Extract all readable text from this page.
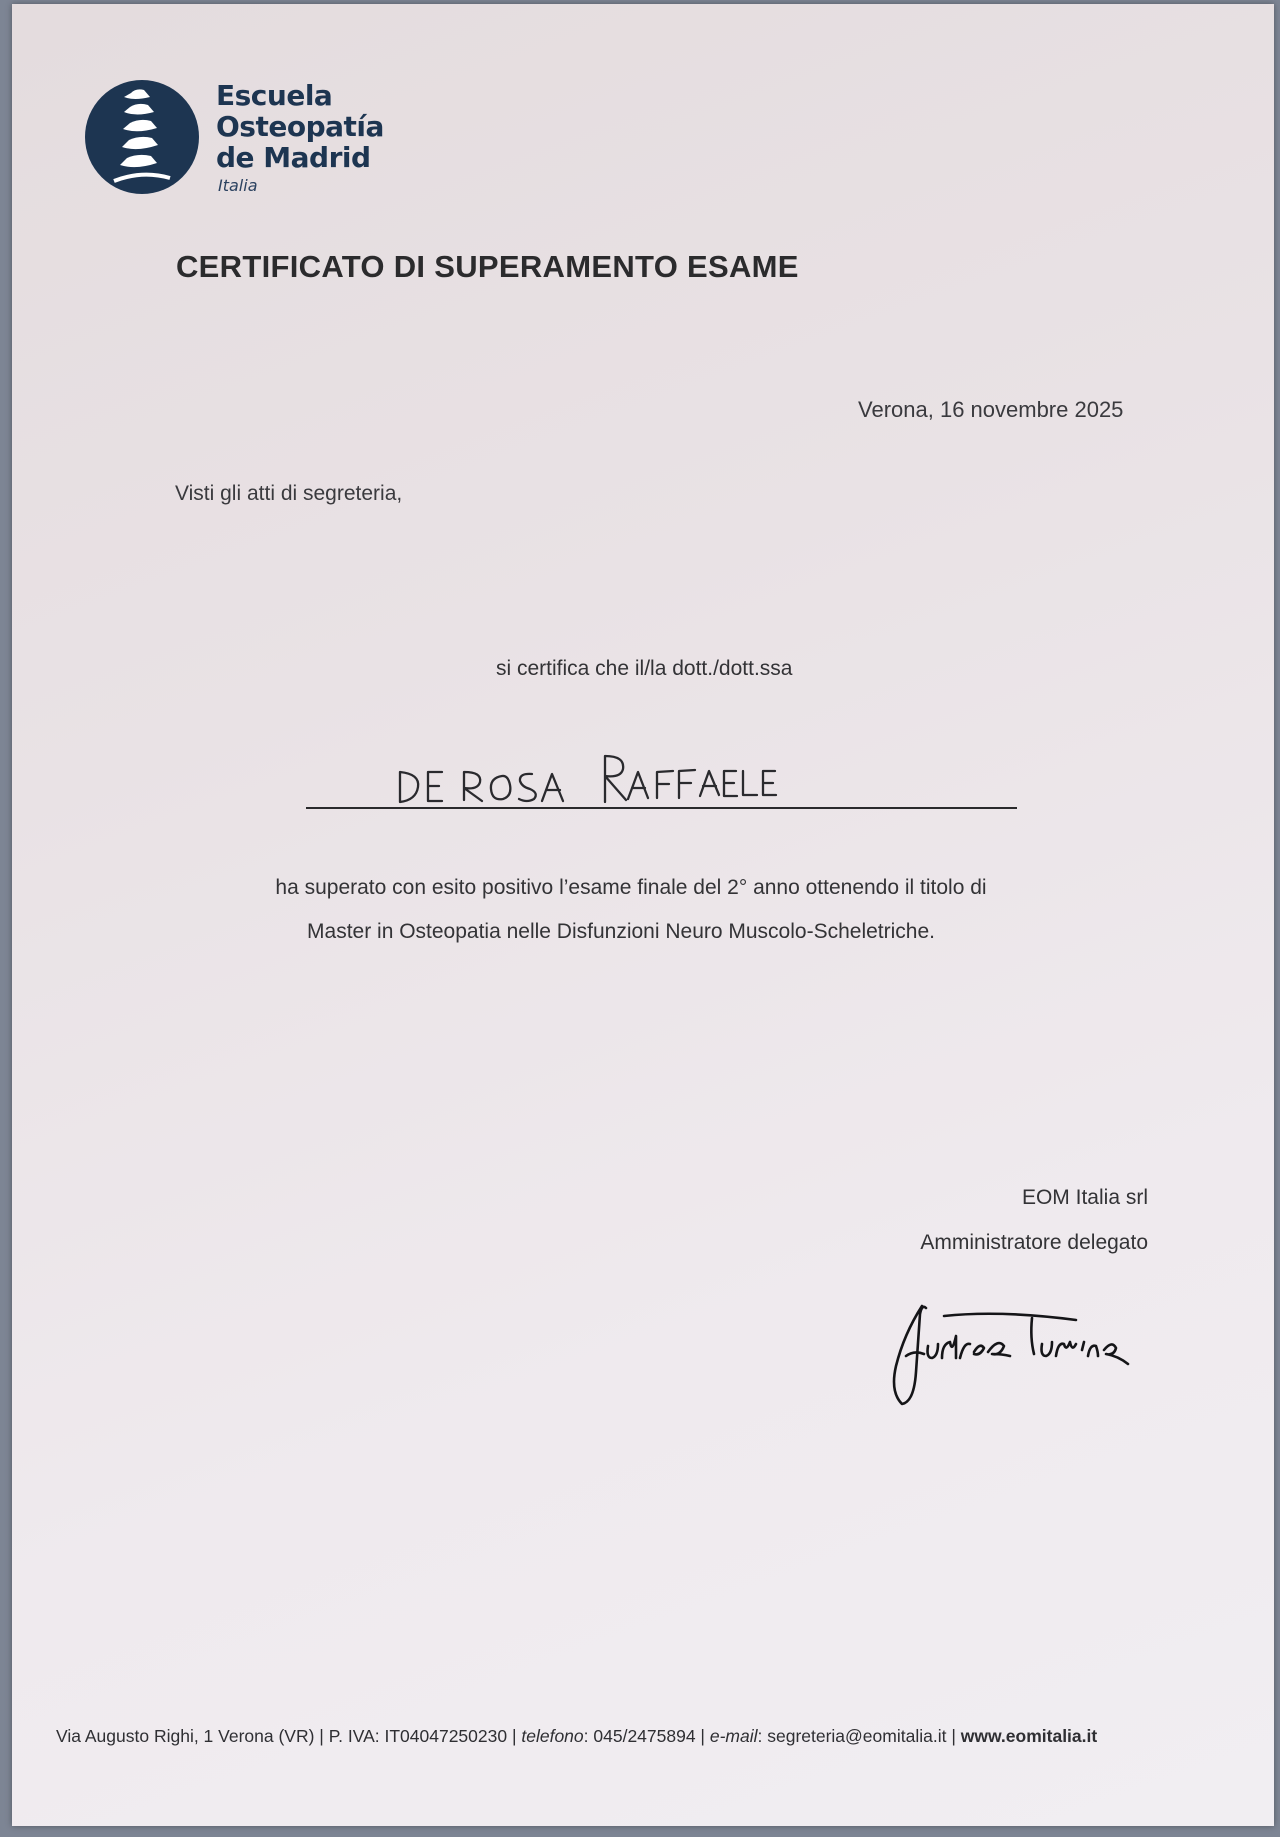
Escuela
Osteopatía
de Madrid
Italia
CERTIFICATO DI SUPERAMENTO ESAME
Verona, 16 novembre 2025
Visti gli atti di segreteria,
si certifica che il/la dott./dott.ssa
ha superato con esito positivo l’esame finale del 2° anno ottenendo il titolo di
Master in Osteopatia nelle Disfunzioni Neuro Muscolo-Scheletriche.
EOM Italia srl
Amministratore delegato
Via Augusto Righi, 1 Verona (VR) | P. IVA: IT04047250230 | telefono: 045/2475894 | e-mail: segreteria@eomitalia.it | www.eomitalia.it
